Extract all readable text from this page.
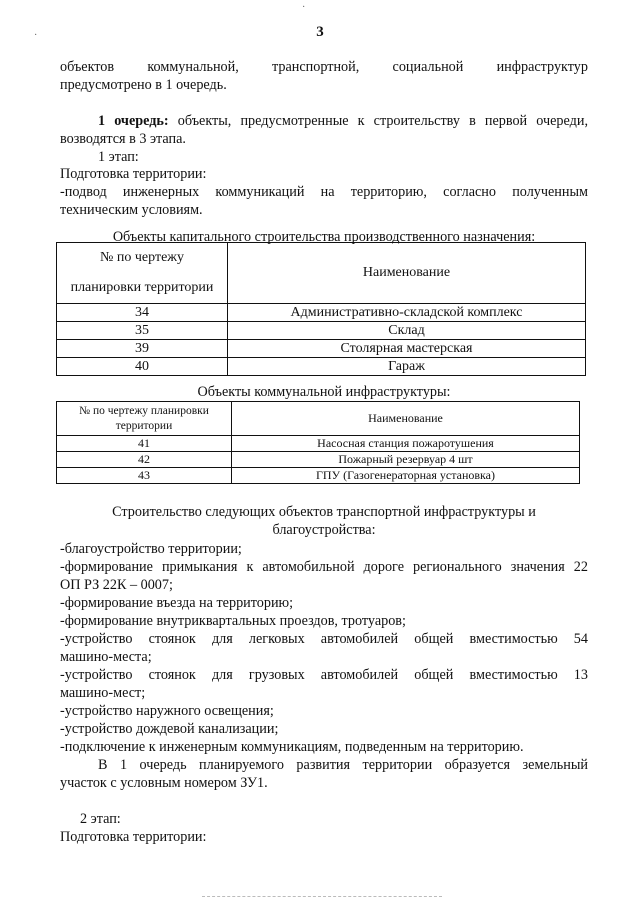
3
объектов коммунальной, транспортной, социальной инфраструктур
предусмотрено в 1 очередь.
1 очередь: объекты, предусмотренные к строительству в первой очереди,
возводятся в 3 этапа.
1 этап:
Подготовка территории:
-подвод инженерных коммуникаций на территорию, согласно полученным
техническим условиям.
Объекты капитального строительства производственного назначения:
№ по чертежу
планировки территории	Наименование
34	Административно-складской комплекс
35	Склад
39	Столярная мастерская
40	Гараж
Объекты коммунальной инфраструктуры:
№ по чертежу планировки
территории	Наименование
41	Насосная станция пожаротушения
42	Пожарный резервуар 4 шт
43	ГПУ (Газогенераторная установка)
Строительство следующих объектов транспортной инфраструктуры и
благоустройства:
-благоустройство территории;
-формирование примыкания к автомобильной дороге регионального значения 22
ОП РЗ 22К – 0007;
-формирование въезда на территорию;
-формирование внутриквартальных проездов, тротуаров;
-устройство стоянок для легковых автомобилей общей вместимостью 54
машино-места;
-устройство стоянок для грузовых автомобилей общей вместимостью 13
машино-мест;
-устройство наружного освещения;
-устройство дождевой канализации;
-подключение к инженерным коммуникациям, подведенным на территорию.
В 1 очередь планируемого развития территории образуется земельный
участок с условным номером ЗУ1.
2 этап:
Подготовка территории:
·
·
